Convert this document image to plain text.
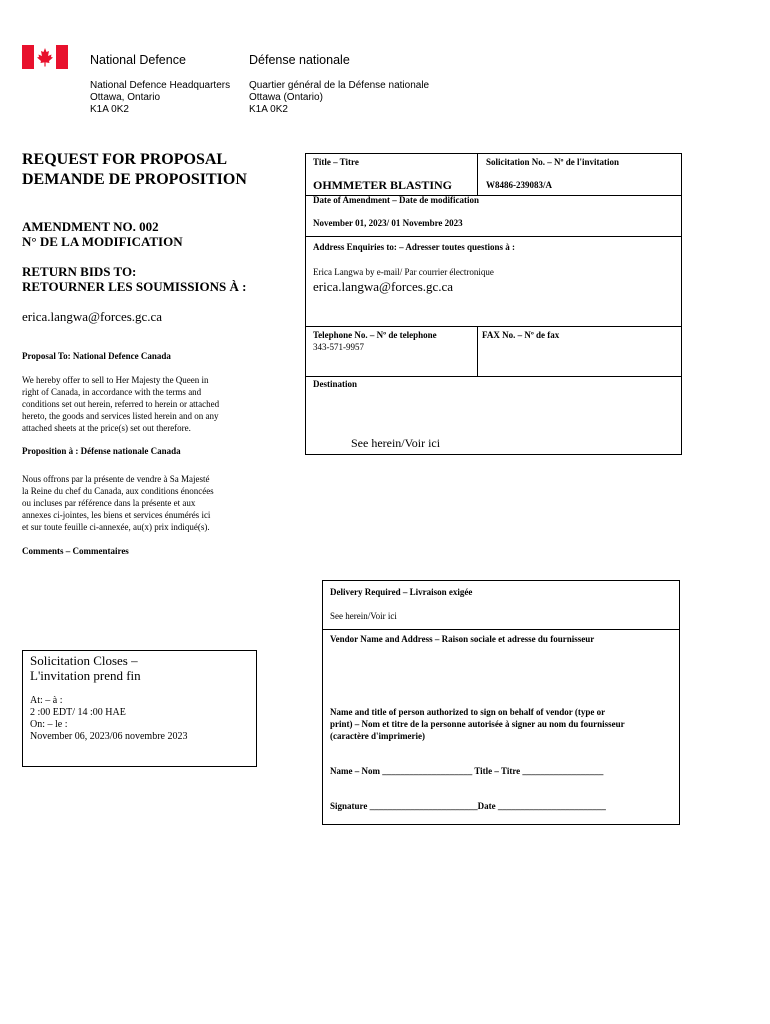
National Defence	Défense nationale
National Defence Headquarters
Ottawa, Ontario
K1A 0K2
Quartier général de la Défense nationale
Ottawa (Ontario)
K1A 0K2
REQUEST FOR PROPOSAL
DEMANDE DE PROPOSITION
AMENDMENT NO. 002
N° DE LA MODIFICATION
RETURN BIDS TO:
RETOURNER LES SOUMISSIONS À :
erica.langwa@forces.gc.ca
Proposal To: National Defence Canada
We hereby offer to sell to Her Majesty the Queen in
right of Canada, in accordance with the terms and
conditions set out herein, referred to herein or attached
hereto, the goods and services listed herein and on any
attached sheets at the price(s) set out therefore.
Proposition à : Défense nationale Canada
Nous offrons par la présente de vendre à Sa Majesté
la Reine du chef du Canada, aux conditions énoncées
ou incluses par référence dans la présente et aux
annexes ci-jointes, les biens et services énumérés ici
et sur toute feuille ci-annexée, au(x) prix indiqué(s).
Comments – Commentaires
Title – Titre
OHMMETER BLASTING
Solicitation No. – Nº de l'invitation
W8486-239083/A
Date of Amendment – Date de modification
November 01, 2023/ 01 Novembre 2023
Address Enquiries to: – Adresser toutes questions à :
Erica Langwa by e-mail/ Par courrier électronique
erica.langwa@forces.gc.ca
Telephone No. – Nº de telephone
343-571-9957
FAX No. – Nº de fax
Destination
See herein/Voir ici
Solicitation Closes –
L'invitation prend fin
At: – à :
2 :00 EDT/ 14 :00 HAE
On: – le :
November 06, 2023/06 novembre 2023
Delivery Required – Livraison exigée
See herein/Voir ici
Vendor Name and Address – Raison sociale et adresse du fournisseur
Name and title of person authorized to sign on behalf of vendor (type or
print) – Nom et titre de la personne autorisée à signer au nom du fournisseur
(caractère d'imprimerie)
Name – Nom ____________________ Title – Titre __________________
Signature ________________________Date ________________________
